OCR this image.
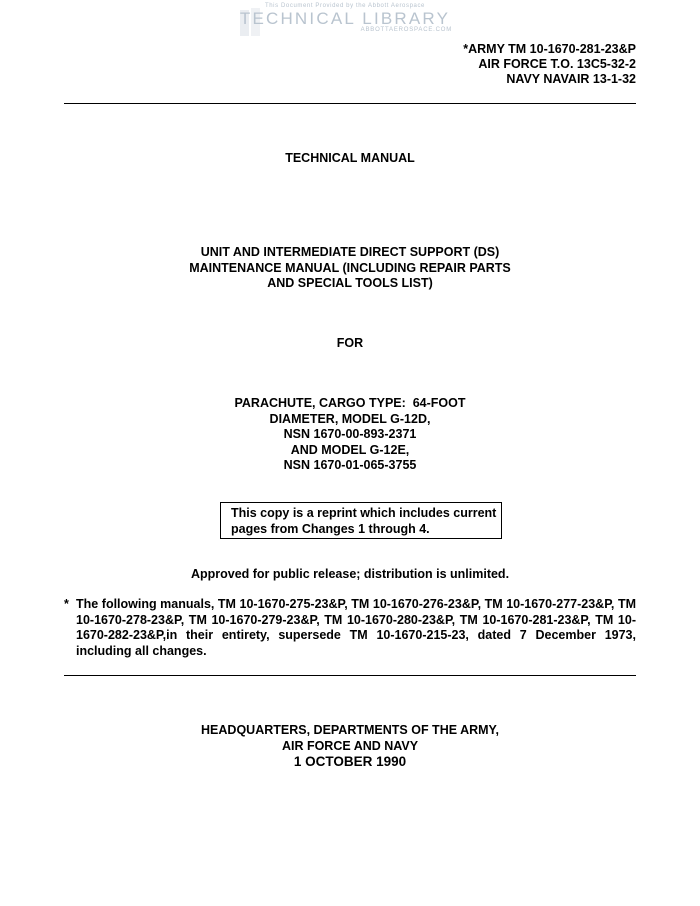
This Document Provided by the Abbott Aerospace
TECHNICAL LIBRARY
ABBOTTAEROSPACE.COM
*ARMY TM 10-1670-281-23&P
AIR FORCE T.O. 13C5-32-2
NAVY NAVAIR 13-1-32
TECHNICAL MANUAL
UNIT AND INTERMEDIATE DIRECT SUPPORT (DS)
MAINTENANCE MANUAL (INCLUDING REPAIR PARTS
AND SPECIAL TOOLS LIST)
FOR
PARACHUTE, CARGO TYPE:  64-FOOT
DIAMETER, MODEL G-12D,
NSN 1670-00-893-2371
AND MODEL G-12E,
NSN 1670-01-065-3755
This copy is a reprint which includes current
pages from Changes 1 through 4.
Approved for public release; distribution is unlimited.
* The following manuals, TM 10-1670-275-23&P, TM 10-1670-276-23&P, TM 10-1670-277-23&P, TM 10-1670-278-23&P, TM 10-1670-279-23&P, TM 10-1670-280-23&P, TM 10-1670-281-23&P, TM 10-1670-282-23&P,in their entirety, supersede TM 10-1670-215-23, dated 7 December 1973, including all changes.
HEADQUARTERS, DEPARTMENTS OF THE ARMY,
AIR FORCE AND NAVY
1 OCTOBER 1990
